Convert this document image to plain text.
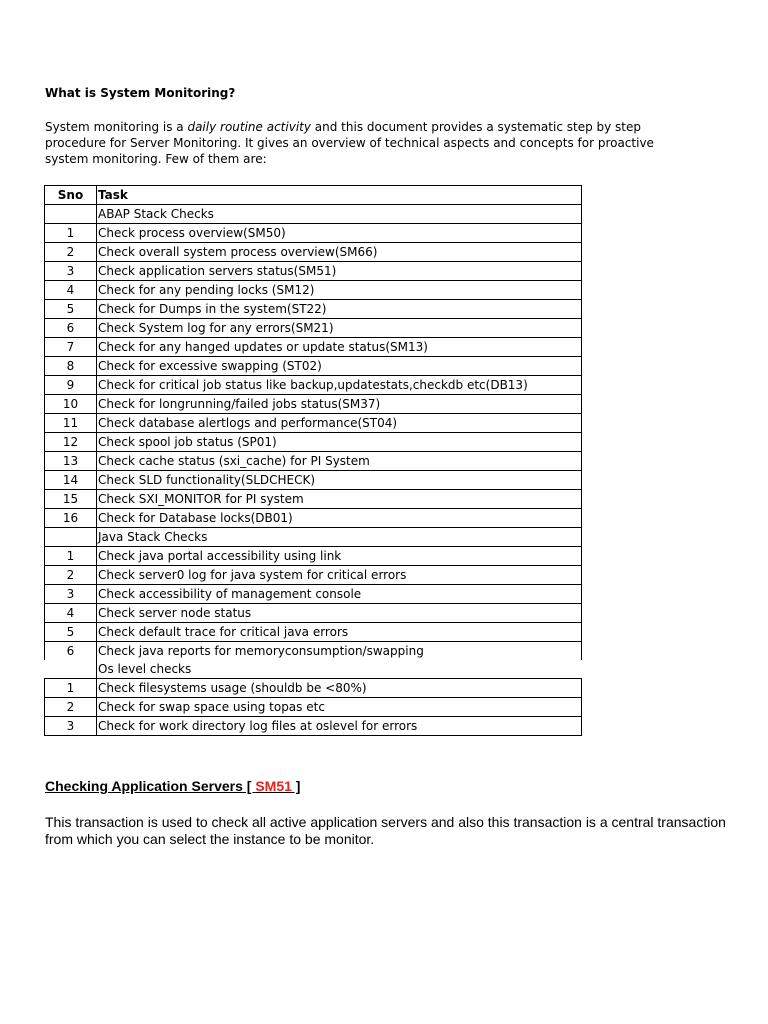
What is System Monitoring?
System monitoring is a daily routine activity and this document provides a systematic step by step
procedure for Server Monitoring. It gives an overview of technical aspects and concepts for proactive
system monitoring. Few of them are:
Sno	Task
	ABAP Stack Checks
1	Check process overview(SM50)
2	Check overall system process overview(SM66)
3	Check application servers status(SM51)
4	Check for any pending locks (SM12)
5	Check for Dumps in the system(ST22)
6	Check System log for any errors(SM21)
7	Check for any hanged updates or update status(SM13)
8	Check for excessive swapping (ST02)
9	Check for critical job status like backup,updatestats,checkdb etc(DB13)
10	Check for longrunning/failed jobs status(SM37)
11	Check database alertlogs and performance(ST04)
12	Check spool job status (SP01)
13	Check cache status (sxi_cache) for PI System
14	Check SLD functionality(SLDCHECK)
15	Check SXI_MONITOR for PI system
16	Check for Database locks(DB01)
	Java Stack Checks
1	Check java portal accessibility using link
2	Check server0 log for java system for critical errors
3	Check accessibility of management console
4	Check server node status
5	Check default trace for critical java errors
6	Check java reports for memoryconsumption/swapping
	Os level checks
1	Check filesystems usage (shouldb be <80%)
2	Check for swap space using topas etc
3	Check for work directory log files at oslevel for errors
Checking Application Servers [ SM51 ]
This transaction is used to check all active application servers and also this transaction is a central transaction
from which you can select the instance to be monitor.
